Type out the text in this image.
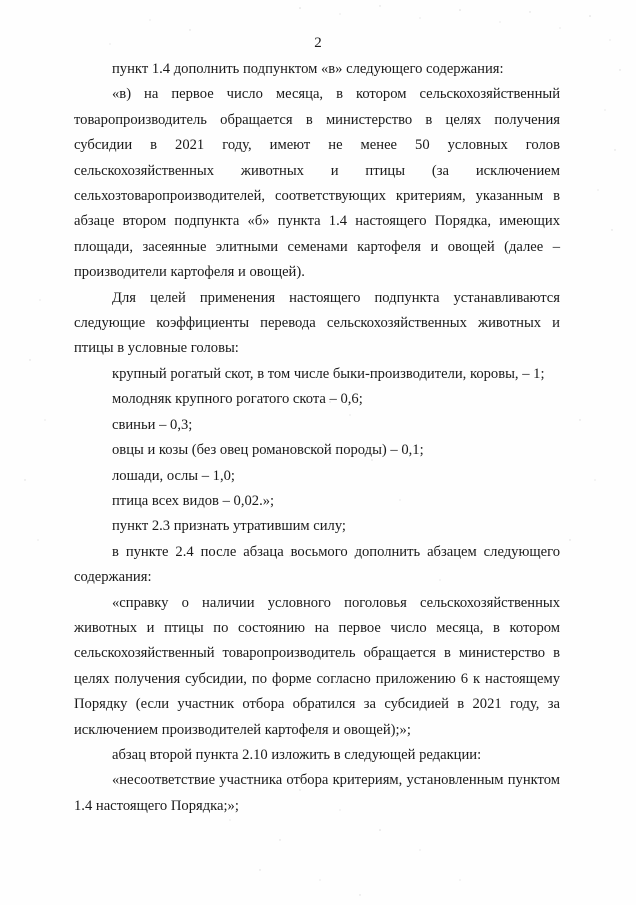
2

пункт 1.4 дополнить подпунктом «в» следующего содержания:

«в) на первое число месяца, в котором сельскохозяйственный товаропроизводитель обращается в министерство в целях получения субсидии в 2021 году, имеют не менее 50 условных голов сельскохозяйственных животных и птицы (за исключением сельхозтоваропроизводителей, соответствующих критериям, указанным в абзаце втором подпункта «б» пункта 1.4 настоящего Порядка, имеющих площади, засеянные элитными семенами картофеля и овощей (далее – производители картофеля и овощей).

Для целей применения настоящего подпункта устанавливаются следующие коэффициенты перевода сельскохозяйственных животных и птицы в условные головы:

крупный рогатый скот, в том числе быки-производители, коровы, – 1;

молодняк крупного рогатого скота – 0,6;

свиньи – 0,3;

овцы и козы (без овец романовской породы) – 0,1;

лошади, ослы – 1,0;

птица всех видов – 0,02.»;

пункт 2.3 признать утратившим силу;

в пункте 2.4 после абзаца восьмого дополнить абзацем следующего содержания:

«справку о наличии условного поголовья сельскохозяйственных животных и птицы по состоянию на первое число месяца, в котором сельскохозяйственный товаропроизводитель обращается в министерство в целях получения субсидии, по форме согласно приложению 6 к настоящему Порядку (если участник отбора обратился за субсидией в 2021 году, за исключением производителей картофеля и овощей);»;

абзац второй пункта 2.10 изложить в следующей редакции:

«несоответствие участника отбора критериям, установленным пунктом 1.4 настоящего Порядка;»;
